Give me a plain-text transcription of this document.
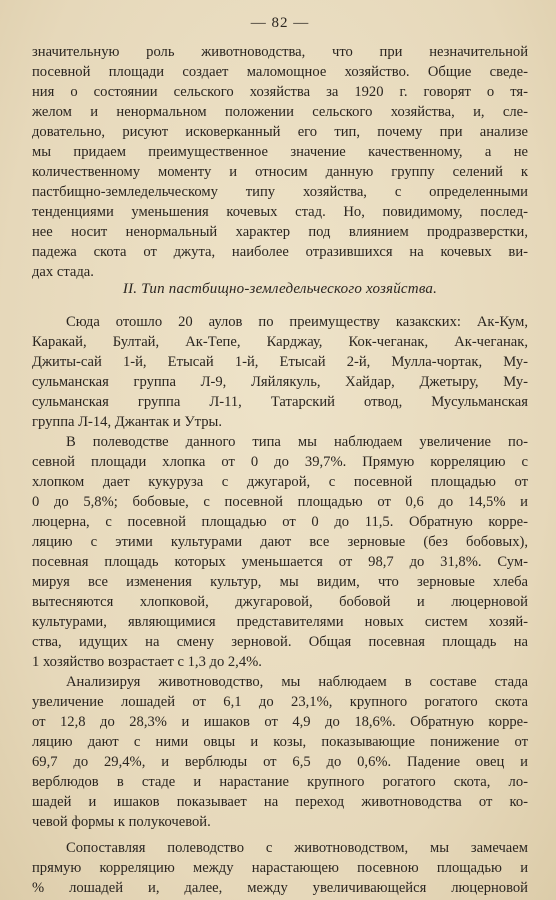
— 82 —
значительную роль животноводства, что при незначительной
посевной площади создает маломощное хозяйство. Общие сведе-
ния о состоянии сельского хозяйства за 1920 г. говорят о тя-
желом и ненормальном положении сельского хозяйства, и, сле-
довательно, рисуют исковерканный его тип, почему при анализе
мы придаем преимущественное значение качественному, а не
количественному моменту и относим данную группу селений к
пастбищно-земледельческому типу хозяйства, с определенными
тенденциями уменьшения кочевых стад. Но, повидимому, послед-
нее носит ненормальный характер под влиянием продразверстки,
падежа скота от джута, наиболее отразившихся на кочевых ви-
дах стада.
II. Тип пастбищно-земледельческого хозяйства.
Сюда отошло 20 аулов по преимуществу казакских: Ак-Кум,
Каракай, Бултай, Ак-Тепе, Карджау, Кок-чеганак, Ак-чеганак,
Джиты-сай 1-й, Етысай 1-й, Етысай 2-й, Мулла-чортак, Му-
сульманская группа Л-9, Ляйлякуль, Хайдар, Джетыру, Му-
сульманская группа Л-11, Татарский отвод, Мусульманская
группа Л-14, Джантак и Утры.
В полеводстве данного типа мы наблюдаем увеличение по-
севной площади хлопка от 0 до 39,7%. Прямую корреляцию с
хлопком дает кукуруза с джугарой, с посевной площадью от
0 до 5,8%; бобовые, с посевной площадью от 0,6 до 14,5% и
люцерна, с посевной площадью от 0 до 11,5. Обратную корре-
ляцию с этими культурами дают все зерновые (без бобовых),
посевная площадь которых уменьшается от 98,7 до 31,8%. Сум-
мируя все изменения культур, мы видим, что зерновые хлеба
вытесняются хлопковой, джугаровой, бобовой и люцерновой
культурами, являющимися представителями новых систем хозяй-
ства, идущих на смену зерновой. Общая посевная площадь на
1 хозяйство возрастает с 1,3 до 2,4%.
Анализируя животноводство, мы наблюдаем в составе стада
увеличение лошадей от 6,1 до 23,1%, крупного рогатого скота
от 12,8 до 28,3% и ишаков от 4,9 до 18,6%. Обратную корре-
ляцию дают с ними овцы и козы, показывающие понижение от
69,7 до 29,4%, и верблюды от 6,5 до 0,6%. Падение овец и
верблюдов в стаде и нарастание крупного рогатого скота, ло-
шадей и ишаков показывает на переход животноводства от ко-
чевой формы к полукочевой.
Сопоставляя полеводство с животноводством, мы замечаем
прямую корреляцию между нарастающею посевною площадью и
% лошадей и, далее, между увеличивающейся люцерновой
